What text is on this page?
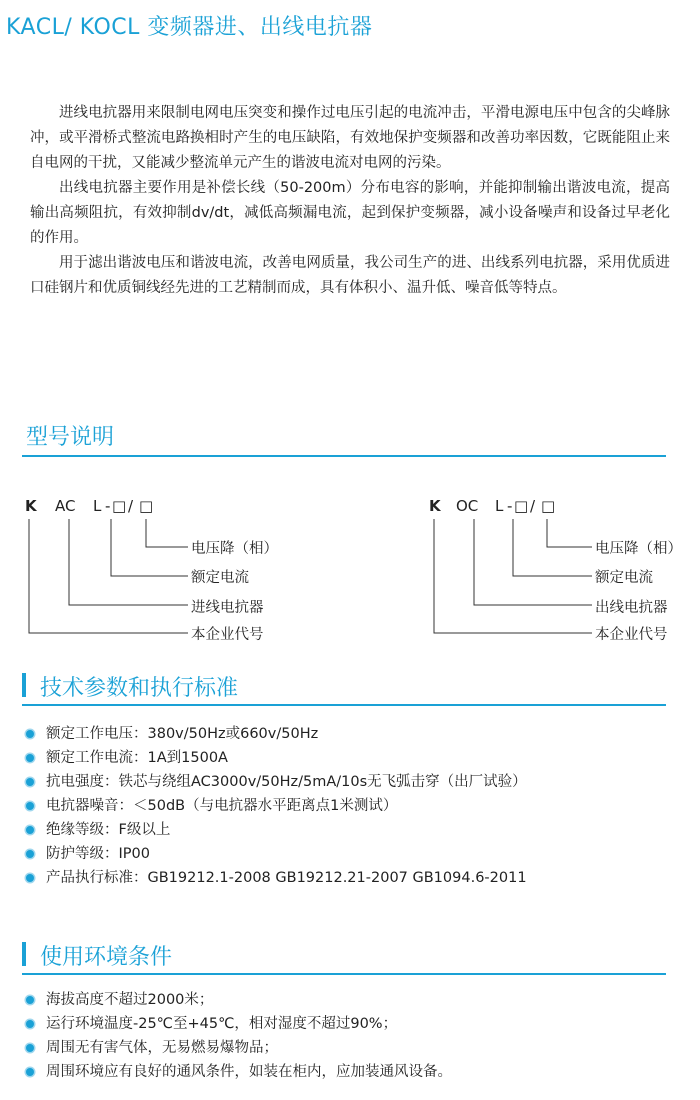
KACL/ KOCL 变频器进、出线电抗器

进线电抗器用来限制电网电压突变和操作过电压引起的电流冲击，平滑电源电压中包含的尖峰脉冲，或平滑桥式整流电路换相时产生的电压缺陷，有效地保护变频器和改善功率因数，它既能阻止来自电网的干扰，又能减少整流单元产生的谐波电流对电网的污染。

出线电抗器主要作用是补偿长线（50-200m）分布电容的影响，并能抑制输出谐波电流，提高输出高频阻抗，有效抑制dv/dt，减低高频漏电流，起到保护变频器，减小设备噪声和设备过早老化的作用。

用于滤出谐波电压和谐波电流，改善电网质量，我公司生产的进、出线系列电抗器，采用优质进口硅钢片和优质铜线经先进的工艺精制而成，具有体积小、温升低、噪音低等特点。

型号说明
K AC L - □ / □
电压降（相）
额定电流
进线电抗器
本企业代号
K OC L - □ / □
电压降（相）
额定电流
出线电抗器
本企业代号
技术参数和执行标准
额定工作电压：380v/50Hz或660v/50Hz
额定工作电流：1A到1500A
抗电强度：铁芯与绕组AC3000v/50Hz/5mA/10s无飞弧击穿（出厂试验）
电抗器噪音：＜50dB（与电抗器水平距离点1米测试）
绝缘等级：F级以上
防护等级：IP00
产品执行标准：GB19212.1-2008 GB19212.21-2007 GB1094.6-2011
使用环境条件
海拔高度不超过2000米；
运行环境温度-25℃至+45℃，相对湿度不超过90%；
周围无有害气体，无易燃易爆物品；
周围环境应有良好的通风条件，如装在柜内，应加装通风设备。
